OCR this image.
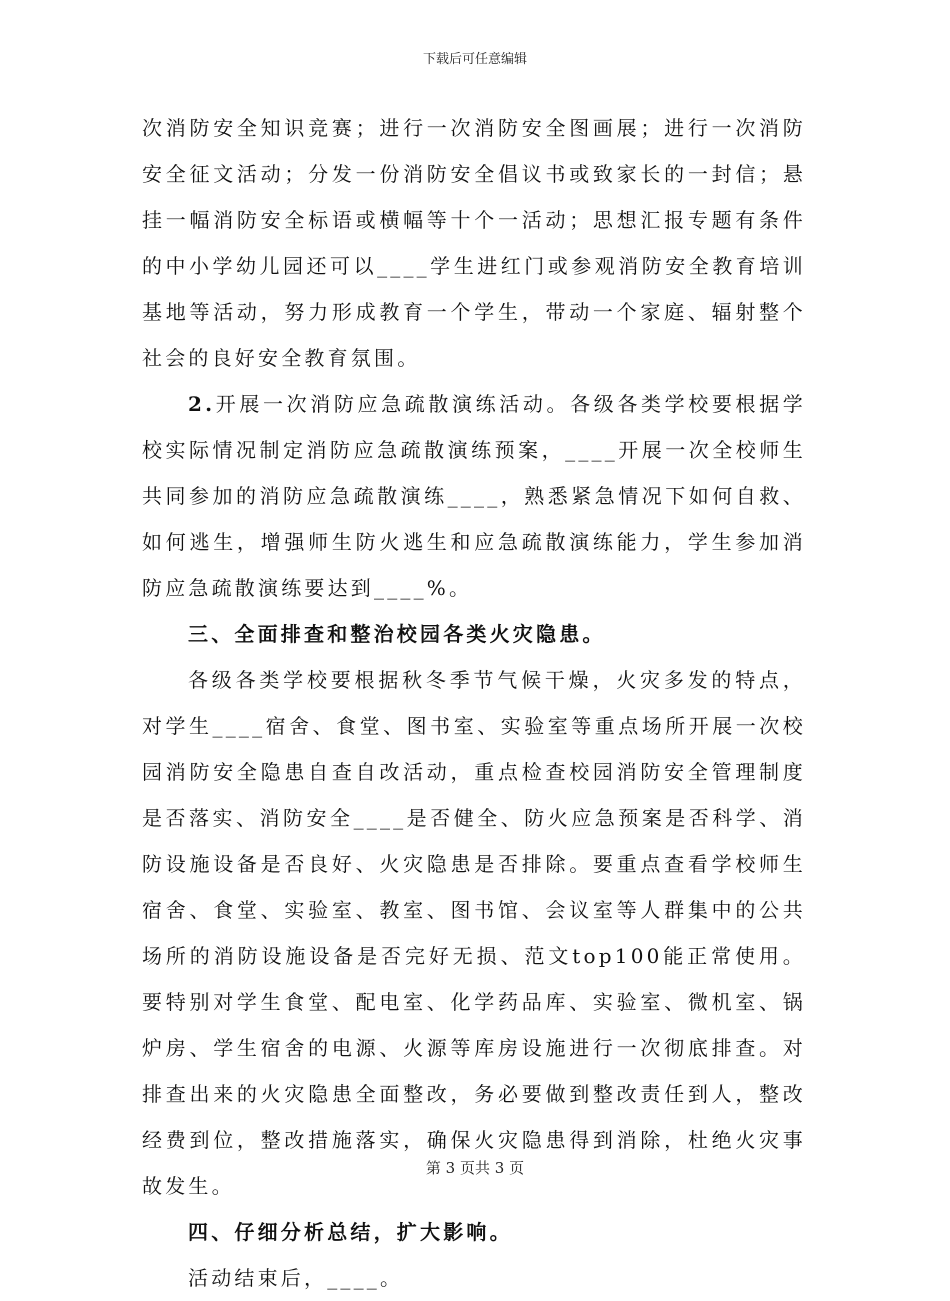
下载后可任意编辑

次消防安全知识竞赛；进行一次消防安全图画展；进行一次消防安全征文活动；分发一份消防安全倡议书或致家长的一封信；悬挂一幅消防安全标语或横幅等十个一活动；思想汇报专题有条件的中小学幼儿园还可以____学生进红门或参观消防安全教育培训基地等活动，努力形成教育一个学生，带动一个家庭、辐射整个社会的良好安全教育氛围。

2.开展一次消防应急疏散演练活动。各级各类学校要根据学校实际情况制定消防应急疏散演练预案，____开展一次全校师生共同参加的消防应急疏散演练____，熟悉紧急情况下如何自救、如何逃生，增强师生防火逃生和应急疏散演练能力，学生参加消防应急疏散演练要达到____%。

三、全面排查和整治校园各类火灾隐患。

各级各类学校要根据秋冬季节气候干燥，火灾多发的特点，对学生____宿舍、食堂、图书室、实验室等重点场所开展一次校园消防安全隐患自查自改活动，重点检查校园消防安全管理制度是否落实、消防安全____是否健全、防火应急预案是否科学、消防设施设备是否良好、火灾隐患是否排除。要重点查看学校师生宿舍、食堂、实验室、教室、图书馆、会议室等人群集中的公共场所的消防设施设备是否完好无损、范文top100能正常使用。要特别对学生食堂、配电室、化学药品库、实验室、微机室、锅炉房、学生宿舍的电源、火源等库房设施进行一次彻底排查。对排查出来的火灾隐患全面整改，务必要做到整改责任到人，整改经费到位，整改措施落实，确保火灾隐患得到消除，杜绝火灾事故发生。

四、仔细分析总结，扩大影响。

活动结束后，____。

第 3 页共 3 页
